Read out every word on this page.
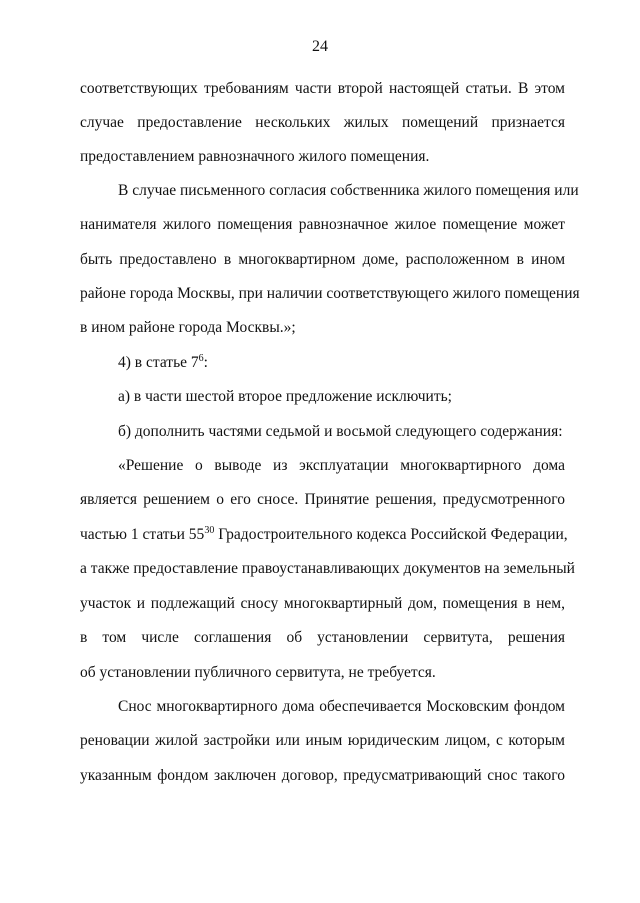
24
соответствующих требованиям части второй настоящей статьи. В этом
случае предоставление нескольких жилых помещений признается
предоставлением равнозначного жилого помещения.
В случае письменного согласия собственника жилого помещения или
нанимателя жилого помещения равнозначное жилое помещение может
быть предоставлено в многоквартирном доме, расположенном в ином
районе города Москвы, при наличии соответствующего жилого помещения
в ином районе города Москвы.»;
4) в статье $7^6$:
a) в части шестой второе предложение исключить;
б) дополнить частями седьмой и восьмой следующего содержания:
«Решение о выводе из эксплуатации многоквартирного дома
является решением о его сносе. Принятие решения, предусмотренного
частью 1 статьи $55^{30}$ Градостроительного кодекса Российской Федерации,
а также предоставление правоустанавливающих документов на земельный
участок и подлежащий сносу многоквартирный дом, помещения в нем,
в том числе соглашения об установлении сервитута, решения
об установлении публичного сервитута, не требуется.
Снос многоквартирного дома обеспечивается Московским фондом
реновации жилой застройки или иным юридическим лицом, с которым
указанным фондом заключен договор, предусматривающий снос такого
